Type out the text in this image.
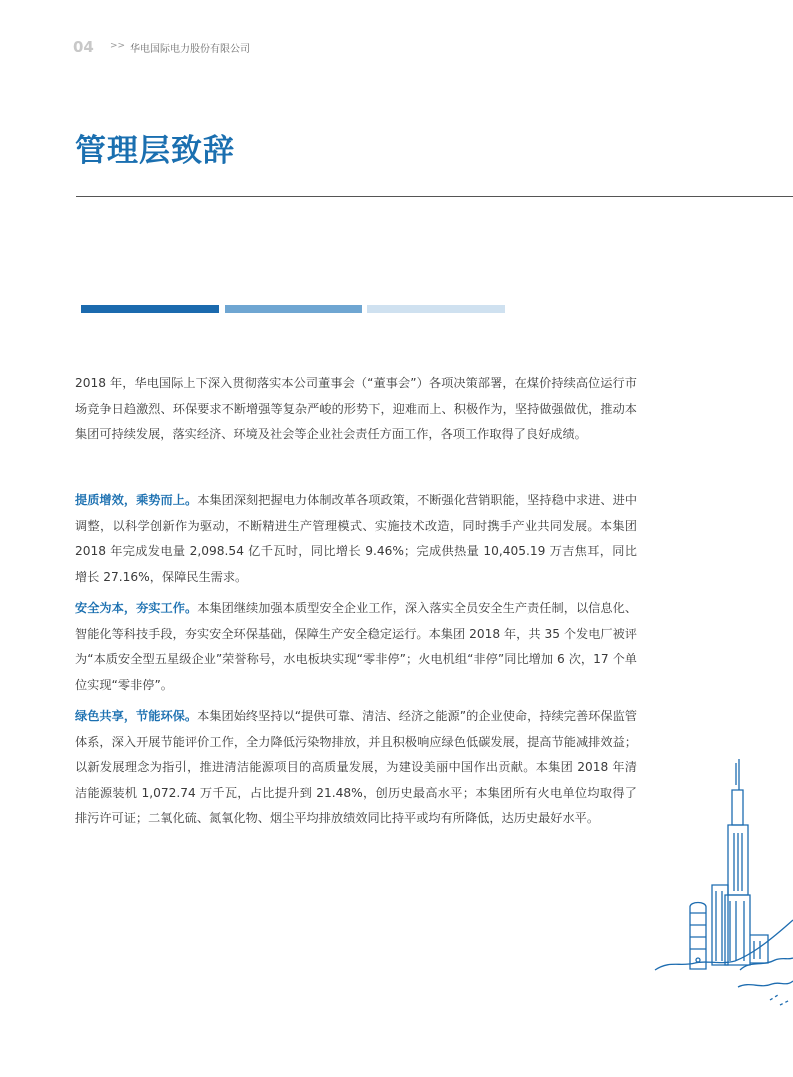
04 >> 华电国际电力股份有限公司
管理层致辞

2018 年，华电国际上下深入贯彻落实本公司董事会（“董事会”）各项决策部署，在煤价持续高位运行市场竞争日趋激烈、环保要求不断增强等复杂严峻的形势下，迎难而上、积极作为，坚持做强做优，推动本集团可持续发展，落实经济、环境及社会等企业社会责任方面工作，各项工作取得了良好成绩。

提质增效，乘势而上。本集团深刻把握电力体制改革各项政策，不断强化营销职能，坚持稳中求进、进中调整，以科学创新作为驱动，不断精进生产管理模式、实施技术改造，同时携手产业共同发展。本集团 2018 年完成发电量 2,098.54 亿千瓦时，同比增长 9.46%；完成供热量 10,405.19 万吉焦耳，同比增长 27.16%，保障民生需求。

安全为本，夯实工作。本集团继续加强本质型安全企业工作，深入落实全员安全生产责任制，以信息化、智能化等科技手段，夯实安全环保基础，保障生产安全稳定运行。本集团 2018 年，共 35 个发电厂被评为“本质安全型五星级企业”荣誉称号，水电板块实现“零非停”；火电机组“非停”同比增加 6 次，17 个单位实现“零非停”。

绿色共享，节能环保。本集团始终坚持以“提供可靠、清洁、经济之能源”的企业使命，持续完善环保监管体系，深入开展节能评价工作，全力降低污染物排放，并且积极响应绿色低碳发展，提高节能减排效益；以新发展理念为指引，推进清洁能源项目的高质量发展，为建设美丽中国作出贡献。本集团 2018 年清洁能源装机 1,072.74 万千瓦，占比提升到 21.48%，创历史最高水平；本集团所有火电单位均取得了排污许可证；二氧化硫、氮氧化物、烟尘平均排放绩效同比持平或均有所降低，达历史最好水平。
